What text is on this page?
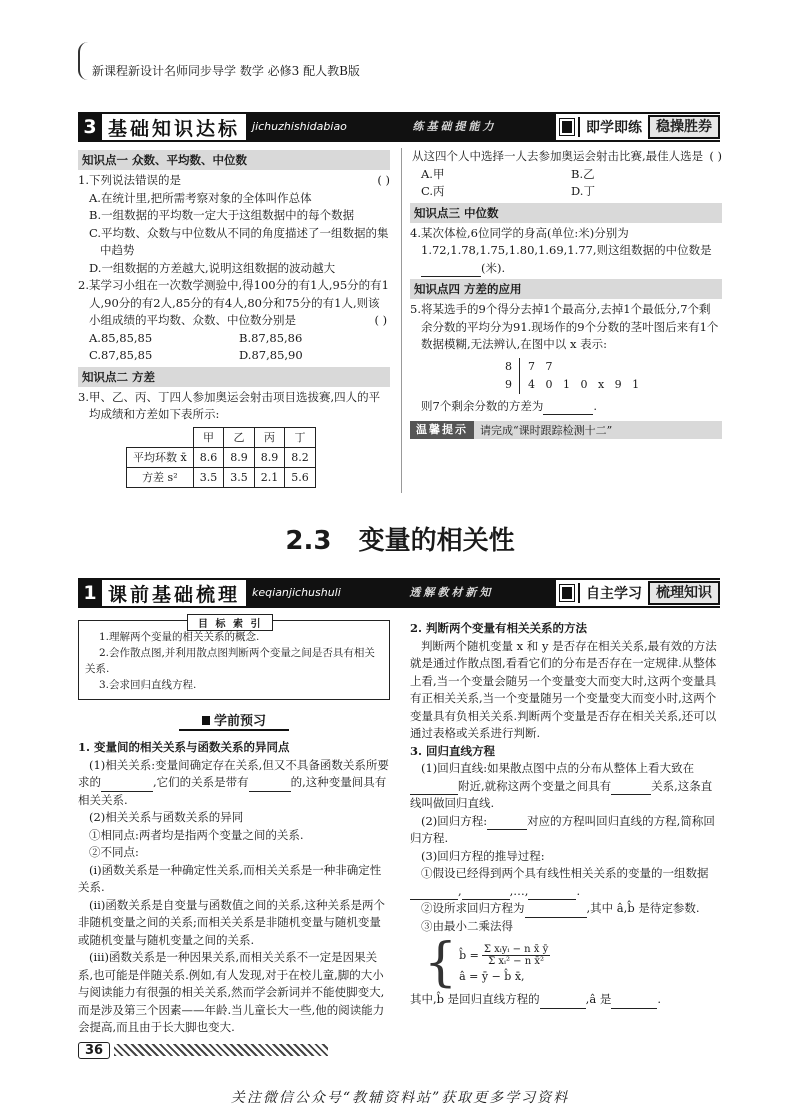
新课程新设计名师同步导学 数学 必修3 配人教B版
3 基础知识达标	jichuzhishidabiao	练基础提能力	即学即练	稳操胜券
知识点一 众数、平均数、中位数

1.下列说法错误的是	( )

A.在统计里,把所需考察对象的全体叫作总体

B.一组数据的平均数一定大于这组数据中的每个数据

C.平均数、众数与中位数从不同的角度描述了一组数据的集中趋势

D.一组数据的方差越大,说明这组数据的波动越大

2.某学习小组在一次数学测验中,得100分的有1人,95分的有1人,90分的有2人,85分的有4人,80分和75分的有1人,则该小组成绩的平均数、众数、中位数分别是	( )

A.85,85,85	B.87,85,86

C.87,85,85	D.87,85,90

知识点二 方差

3.甲、乙、丙、丁四人参加奥运会射击项目选拔赛,四人的平均成绩和方差如下表所示:

	甲	乙	丙	丁
平均环数 x̄	8.6	8.9	8.9	8.2
方差 s²	3.5	3.5	2.1	5.6

从这四个人中选择一人去参加奥运会射击比赛,最佳人选是 ( )

A.甲	B.乙

C.丙	D.丁

知识点三 中位数

4.某次体检,6位同学的身高(单位:米)分别为1.72,1.78,1.75,1.80,1.69,1.77,则这组数据的中位数是(米).

知识点四 方差的应用

5.将某选手的9个得分去掉1个最高分,去掉1个最低分,7个剩余分数的平均分为91.现场作的9个分数的茎叶图后来有1个数据模糊,无法辨认,在图中以 x 表示:

8	7   7
9	4   0   1   0   x   9   1

则7个剩余分数的方差为	.

温馨提示	请完成“课时跟踪检测十二”
2.3   变量的相关性
1 课前基础梳理	keqianjichushuli	透解教材新知	自主学习	梳理知识
目 标 索 引

1.理解两个变量的相关关系的概念.

2.会作散点图,并利用散点图判断两个变量之间是否具有相关关系.

3.会求回归直线方程.

学前预习

1. 变量间的相关关系与函数关系的异同点

(1)相关关系:变量间确定存在关系,但又不具备函数关系所要求的	,它们的关系是带有	的,这种变量间具有相关关系.

(2)相关关系与函数关系的异同

①相同点:两者均是指两个变量之间的关系.

②不同点:

(ⅰ)函数关系是一种确定性关系,而相关关系是一种非确定性关系.

(ⅱ)函数关系是自变量与函数值之间的关系,这种关系是两个非随机变量之间的关系;而相关关系是非随机变量与随机变量或随机变量与随机变量之间的关系.

(ⅲ)函数关系是一种因果关系,而相关关系不一定是因果关系,也可能是伴随关系.例如,有人发现,对于在校儿童,脚的大小与阅读能力有很强的相关关系,然而学会新词并不能使脚变大,而是涉及第三个因素——年龄.当儿童长大一些,他的阅读能力会提高,而且由于长大脚也变大.

2. 判断两个变量有相关关系的方法

判断两个随机变量 x 和 y 是否存在相关关系,最有效的方法就是通过作散点图,看看它们的分布是否存在一定规律.从整体上看,当一个变量会随另一个变量变大而变大时,这两个变量具有正相关关系,当一个变量随另一个变量变大而变小时,这两个变量具有负相关关系.判断两个变量是否存在相关关系,还可以通过表格或关系进行判断.

3. 回归直线方程

(1)回归直线:如果散点图中点的分布从整体上看大致在附近,就称这两个变量之间具有	关系,这条直线叫做回归直线.

(2)回归方程:	对应的方程叫回归直线的方程,简称回归方程.

(3)回归方程的推导过程:

①假设已经得到两个具有线性相关关系的变量的一组数据,	,…,	.

②设所求回归方程为	,其中 â,b̂ 是待定参数.

③由最小二乘法得

{ b̂ = $\frac{\text{Σ xᵢyᵢ − n x̄ ȳ}}{\text{Σ xᵢ² − n x̄²}}$
â = ȳ − b̂ x̄,

其中,b̂ 是回归直线方程的	,â 是	.

36
关注微信公众号“教辅资料站”获取更多学习资料
